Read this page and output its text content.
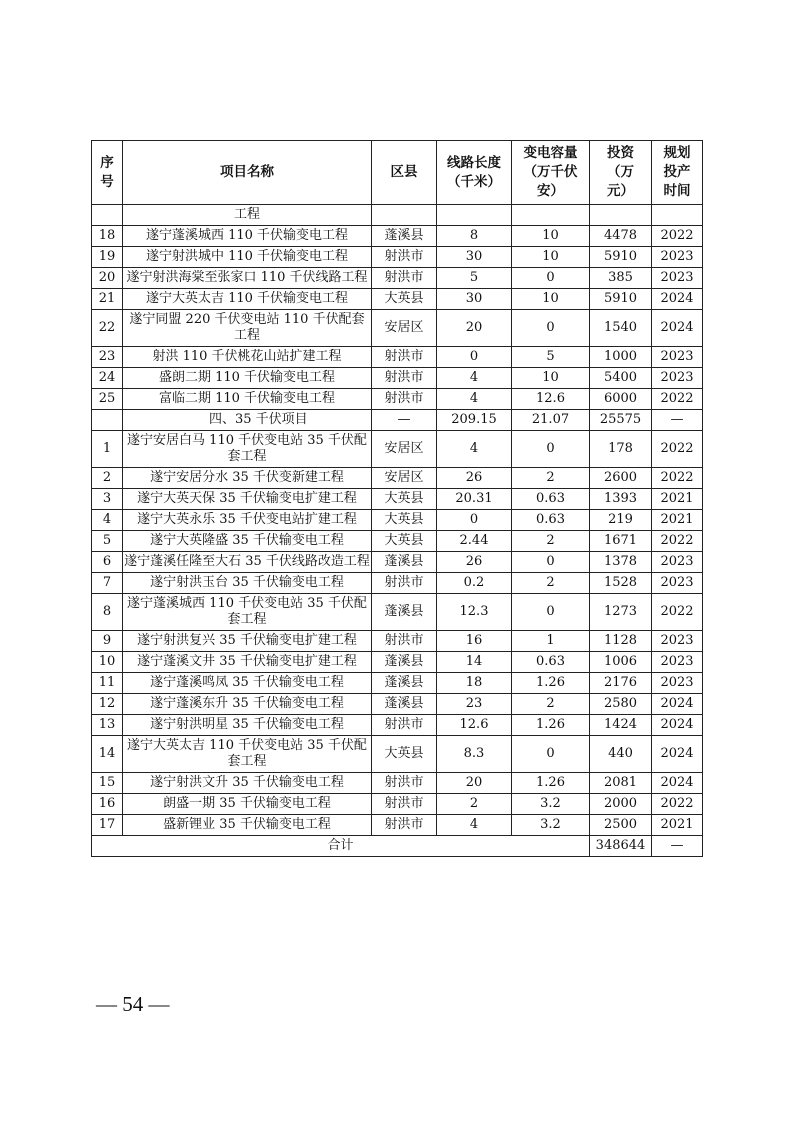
序号	项目名称	区县	线路长度（千米）	变电容量（万千伏安）	投资（万元）	规划投产时间
	工程					
18	遂宁蓬溪城西 110 千伏输变电工程	蓬溪县	8	10	4478	2022
19	遂宁射洪城中 110 千伏输变电工程	射洪市	30	10	5910	2023
20	遂宁射洪海棠至张家口 110 千伏线路工程	射洪市	5	0	385	2023
21	遂宁大英太吉 110 千伏输变电工程	大英县	30	10	5910	2024
22	遂宁同盟 220 千伏变电站 110 千伏配套工程	安居区	20	0	1540	2024
23	射洪 110 千伏桃花山站扩建工程	射洪市	0	5	1000	2023
24	盛朗二期 110 千伏输变电工程	射洪市	4	10	5400	2023
25	富临二期 110 千伏输变电工程	射洪市	4	12.6	6000	2022
	四、35 千伏项目	—	209.15	21.07	25575	—
1	遂宁安居白马 110 千伏变电站 35 千伏配套工程	安居区	4	0	178	2022
2	遂宁安居分水 35 千伏变新建工程	安居区	26	2	2600	2022
3	遂宁大英天保 35 千伏输变电扩建工程	大英县	20.31	0.63	1393	2021
4	遂宁大英永乐 35 千伏变电站扩建工程	大英县	0	0.63	219	2021
5	遂宁大英隆盛 35 千伏输变电工程	大英县	2.44	2	1671	2022
6	遂宁蓬溪任隆至大石 35 千伏线路改造工程	蓬溪县	26	0	1378	2023
7	遂宁射洪玉台 35 千伏输变电工程	射洪市	0.2	2	1528	2023
8	遂宁蓬溪城西 110 千伏变电站 35 千伏配套工程	蓬溪县	12.3	0	1273	2022
9	遂宁射洪复兴 35 千伏输变电扩建工程	射洪市	16	1	1128	2023
10	遂宁蓬溪文井 35 千伏输变电扩建工程	蓬溪县	14	0.63	1006	2023
11	遂宁蓬溪鸣凤 35 千伏输变电工程	蓬溪县	18	1.26	2176	2023
12	遂宁蓬溪东升 35 千伏输变电工程	蓬溪县	23	2	2580	2024
13	遂宁射洪明星 35 千伏输变电工程	射洪市	12.6	1.26	1424	2024
14	遂宁大英太吉 110 千伏变电站 35 千伏配套工程	大英县	8.3	0	440	2024
15	遂宁射洪文升 35 千伏输变电工程	射洪市	20	1.26	2081	2024
16	朗盛一期 35 千伏输变电工程	射洪市	2	3.2	2000	2022
17	盛新锂业 35 千伏输变电工程	射洪市	4	3.2	2500	2021
合计					348644	—
— 54 —
